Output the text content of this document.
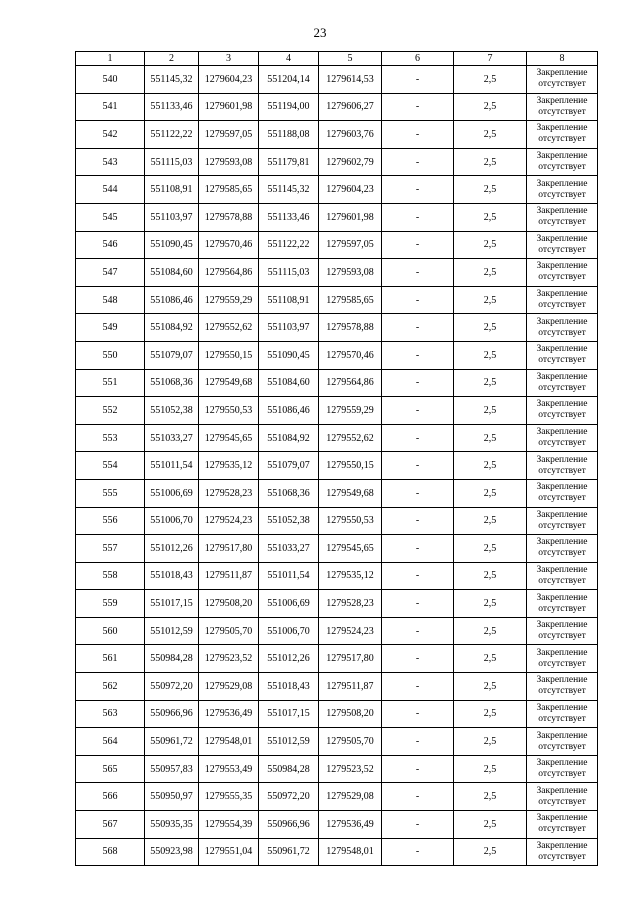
23
1	2	3	4	5	6	7	8
540	551145,32	1279604,23	551204,14	1279614,53	-	2,5	Закрепление отсутствует
541	551133,46	1279601,98	551194,00	1279606,27	-	2,5	Закрепление отсутствует
542	551122,22	1279597,05	551188,08	1279603,76	-	2,5	Закрепление отсутствует
543	551115,03	1279593,08	551179,81	1279602,79	-	2,5	Закрепление отсутствует
544	551108,91	1279585,65	551145,32	1279604,23	-	2,5	Закрепление отсутствует
545	551103,97	1279578,88	551133,46	1279601,98	-	2,5	Закрепление отсутствует
546	551090,45	1279570,46	551122,22	1279597,05	-	2,5	Закрепление отсутствует
547	551084,60	1279564,86	551115,03	1279593,08	-	2,5	Закрепление отсутствует
548	551086,46	1279559,29	551108,91	1279585,65	-	2,5	Закрепление отсутствует
549	551084,92	1279552,62	551103,97	1279578,88	-	2,5	Закрепление отсутствует
550	551079,07	1279550,15	551090,45	1279570,46	-	2,5	Закрепление отсутствует
551	551068,36	1279549,68	551084,60	1279564,86	-	2,5	Закрепление отсутствует
552	551052,38	1279550,53	551086,46	1279559,29	-	2,5	Закрепление отсутствует
553	551033,27	1279545,65	551084,92	1279552,62	-	2,5	Закрепление отсутствует
554	551011,54	1279535,12	551079,07	1279550,15	-	2,5	Закрепление отсутствует
555	551006,69	1279528,23	551068,36	1279549,68	-	2,5	Закрепление отсутствует
556	551006,70	1279524,23	551052,38	1279550,53	-	2,5	Закрепление отсутствует
557	551012,26	1279517,80	551033,27	1279545,65	-	2,5	Закрепление отсутствует
558	551018,43	1279511,87	551011,54	1279535,12	-	2,5	Закрепление отсутствует
559	551017,15	1279508,20	551006,69	1279528,23	-	2,5	Закрепление отсутствует
560	551012,59	1279505,70	551006,70	1279524,23	-	2,5	Закрепление отсутствует
561	550984,28	1279523,52	551012,26	1279517,80	-	2,5	Закрепление отсутствует
562	550972,20	1279529,08	551018,43	1279511,87	-	2,5	Закрепление отсутствует
563	550966,96	1279536,49	551017,15	1279508,20	-	2,5	Закрепление отсутствует
564	550961,72	1279548,01	551012,59	1279505,70	-	2,5	Закрепление отсутствует
565	550957,83	1279553,49	550984,28	1279523,52	-	2,5	Закрепление отсутствует
566	550950,97	1279555,35	550972,20	1279529,08	-	2,5	Закрепление отсутствует
567	550935,35	1279554,39	550966,96	1279536,49	-	2,5	Закрепление отсутствует
568	550923,98	1279551,04	550961,72	1279548,01	-	2,5	Закрепление отсутствует
